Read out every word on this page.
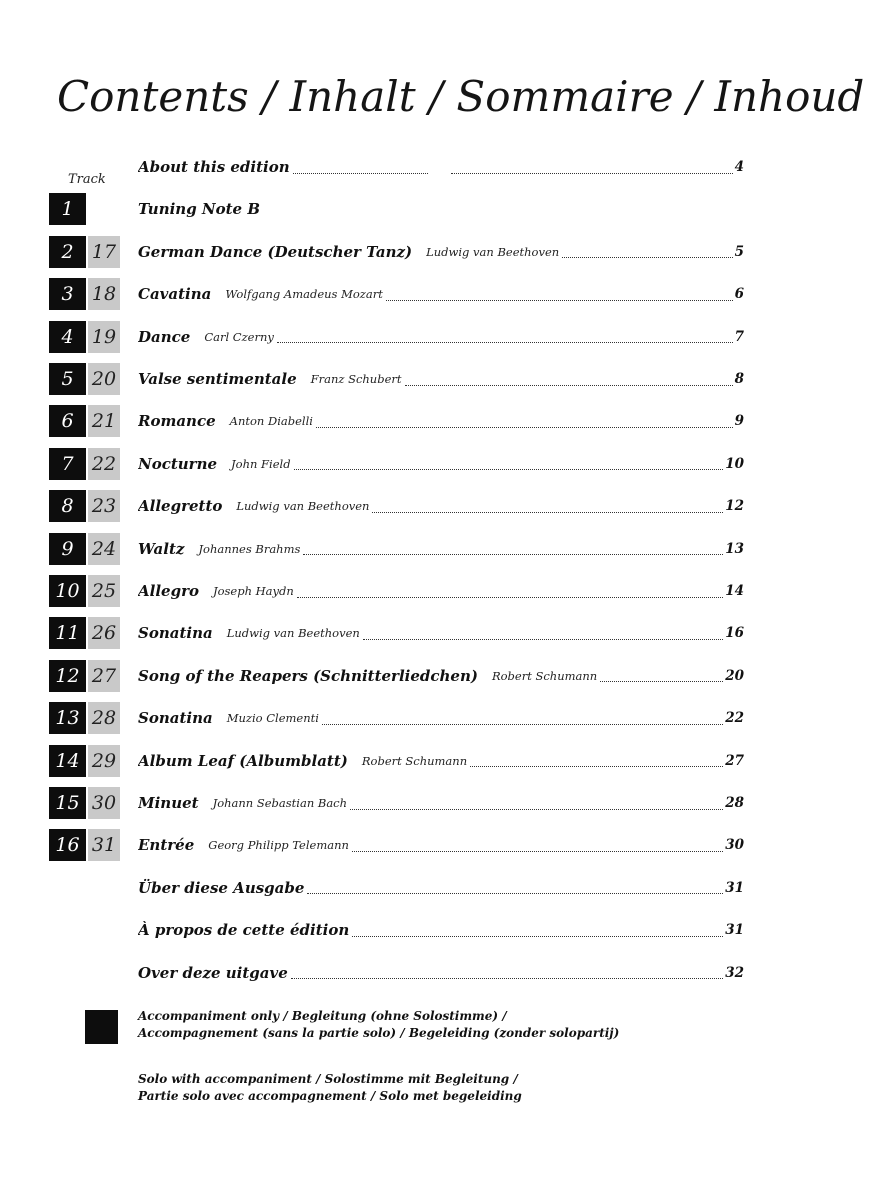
Contents / Inhalt / Sommaire / Inhoud
Track
About this edition	4
1	Tuning Note B
2 17 German Dance (Deutscher Tanz) Ludwig van Beethoven	5
3 18 Cavatina Wolfgang Amadeus Mozart	6
4 19 Dance Carl Czerny	7
5 20 Valse sentimentale Franz Schubert	8
6 21 Romance Anton Diabelli	9
7 22 Nocturne John Field	10
8 23 Allegretto Ludwig van Beethoven	12
9 24 Waltz Johannes Brahms	13
10 25 Allegro Joseph Haydn	14
11 26 Sonatina Ludwig van Beethoven	16
12 27 Song of the Reapers (Schnitterliedchen) Robert Schumann	20
13 28 Sonatina Muzio Clementi	22
14 29 Album Leaf (Albumblatt) Robert Schumann	27
15 30 Minuet Johann Sebastian Bach	28
16 31 Entrée Georg Philipp Telemann	30
Über diese Ausgabe	31
À propos de cette édition	31
Over deze uitgave	32
Accompaniment only / Begleitung (ohne Solostimme) /
Accompagnement (sans la partie solo) / Begeleiding (zonder solopartij)
Solo with accompaniment / Solostimme mit Begleitung /
Partie solo avec accompagnement / Solo met begeleiding
